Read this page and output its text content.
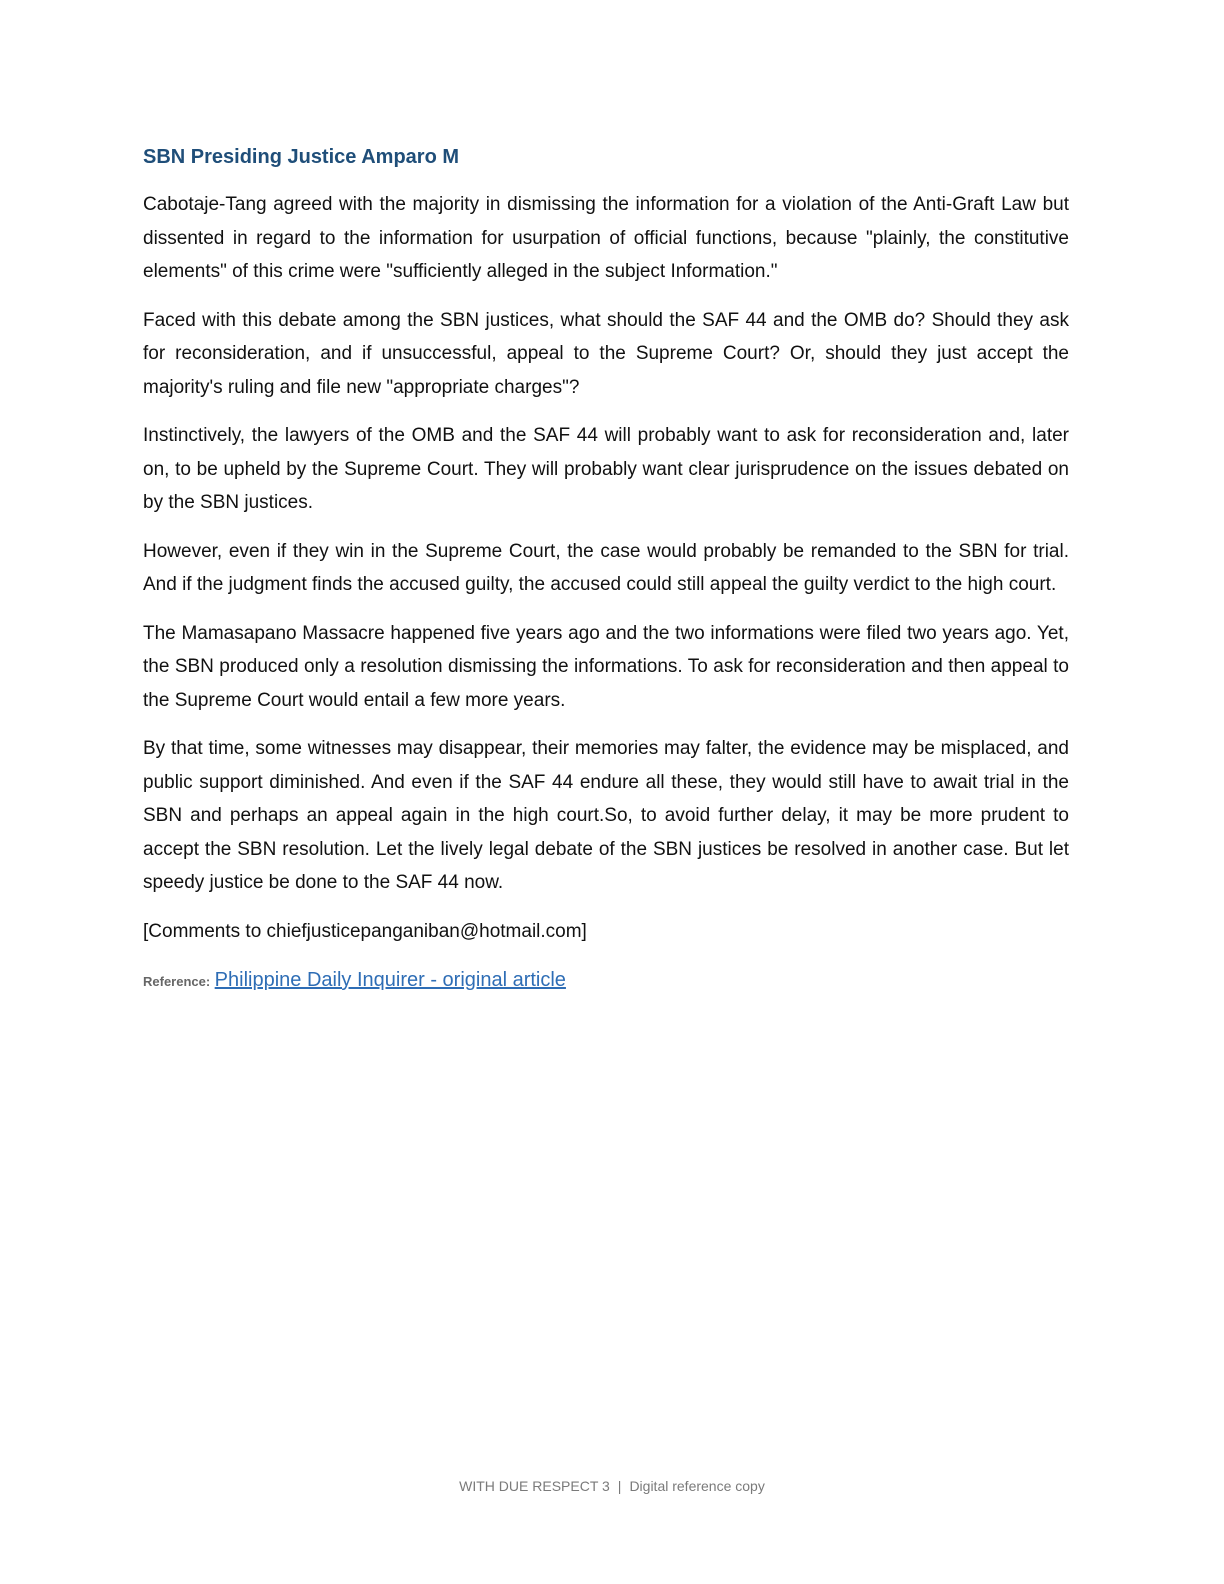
SBN Presiding Justice Amparo M

Cabotaje-Tang agreed with the majority in dismissing the information for a violation of the Anti-Graft Law but dissented in regard to the information for usurpation of official functions, because "plainly, the constitutive elements" of this crime were "sufficiently alleged in the subject Information."

Faced with this debate among the SBN justices, what should the SAF 44 and the OMB do? Should they ask for reconsideration, and if unsuccessful, appeal to the Supreme Court? Or, should they just accept the majority's ruling and file new "appropriate charges"?

Instinctively, the lawyers of the OMB and the SAF 44 will probably want to ask for reconsideration and, later on, to be upheld by the Supreme Court. They will probably want clear jurisprudence on the issues debated on by the SBN justices.

However, even if they win in the Supreme Court, the case would probably be remanded to the SBN for trial. And if the judgment finds the accused guilty, the accused could still appeal the guilty verdict to the high court.

The Mamasapano Massacre happened five years ago and the two informations were filed two years ago. Yet, the SBN produced only a resolution dismissing the informations. To ask for reconsideration and then appeal to the Supreme Court would entail a few more years.

By that time, some witnesses may disappear, their memories may falter, the evidence may be misplaced, and public support diminished. And even if the SAF 44 endure all these, they would still have to await trial in the SBN and perhaps an appeal again in the high court.So, to avoid further delay, it may be more prudent to accept the SBN resolution. Let the lively legal debate of the SBN justices be resolved in another case. But let speedy justice be done to the SAF 44 now.

[Comments to chiefjusticepanganiban@hotmail.com]

Reference: Philippine Daily Inquirer - original article
WITH DUE RESPECT 3 | Digital reference copy
